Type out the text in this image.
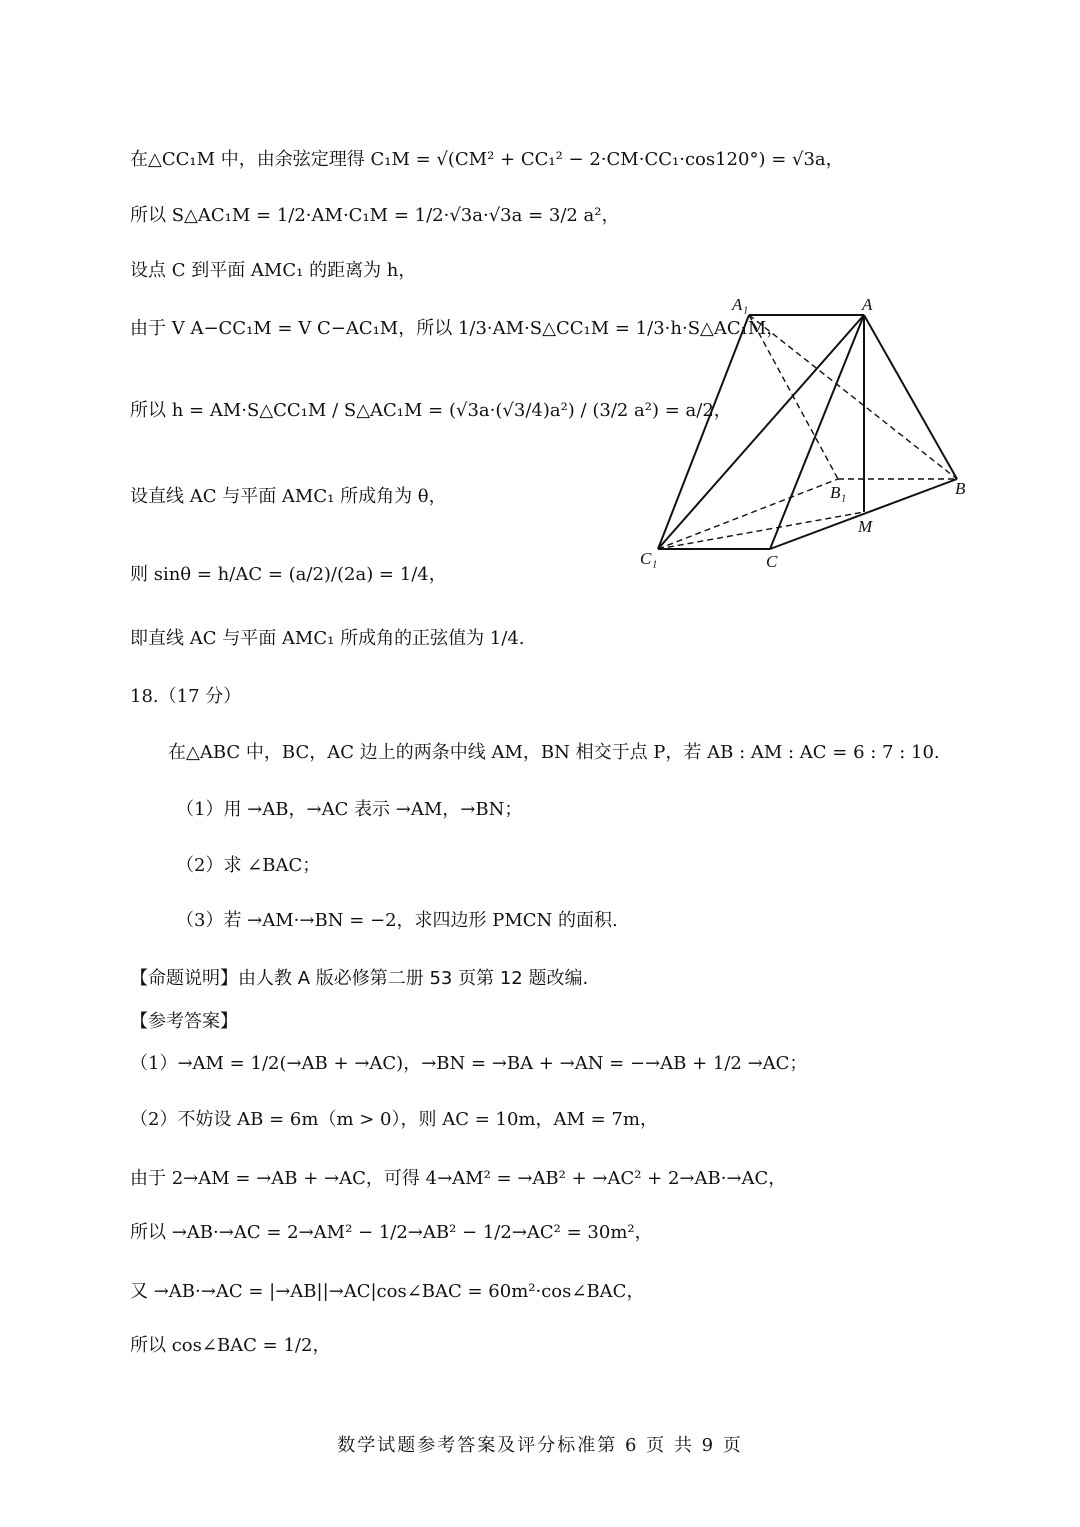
在△CC₁M 中，由余弦定理得 C₁M = √(CM² + CC₁² − 2·CM·CC₁·cos120°) = √3a，
所以 S△AC₁M = 1/2·AM·C₁M = 1/2·√3a·√3a = 3/2 a²，
设点 C 到平面 AMC₁ 的距离为 h，
由于 V A−CC₁M = V C−AC₁M，所以 1/3·AM·S△CC₁M = 1/3·h·S△AC₁M，
所以 h = AM·S△CC₁M / S△AC₁M = (√3a·(√3/4)a²) / (3/2 a²) = a/2，
设直线 AC 与平面 AMC₁ 所成角为 θ，
则 sinθ = h/AC = (a/2)/(2a) = 1/4，
即直线 AC 与平面 AMC₁ 所成角的正弦值为 1/4.
18.（17 分）
在△ABC 中，BC，AC 边上的两条中线 AM，BN 相交于点 P，若 AB : AM : AC = 6 : 7 : 10.
（1）用 →AB，→AC 表示 →AM，→BN；
（2）求 ∠BAC；
（3）若 →AM·→BN = −2，求四边形 PMCN 的面积.
【命题说明】由人教 A 版必修第二册 53 页第 12 题改编.
【参考答案】
（1）→AM = 1/2(→AB + →AC)，→BN = →BA + →AN = −→AB + 1/2 →AC；
（2）不妨设 AB = 6m（m > 0），则 AC = 10m，AM = 7m，
由于 2→AM = →AB + →AC，可得 4→AM² = →AB² + →AC² + 2→AB·→AC，
所以 →AB·→AC = 2→AM² − 1/2→AB² − 1/2→AC² = 30m²，
又 →AB·→AC = |→AB||→AC|cos∠BAC = 60m²·cos∠BAC，
所以 cos∠BAC = 1/2，
A₁	A
B₁	B
M
C₁	C
数学试题参考答案及评分标准第 6 页 共 9 页
